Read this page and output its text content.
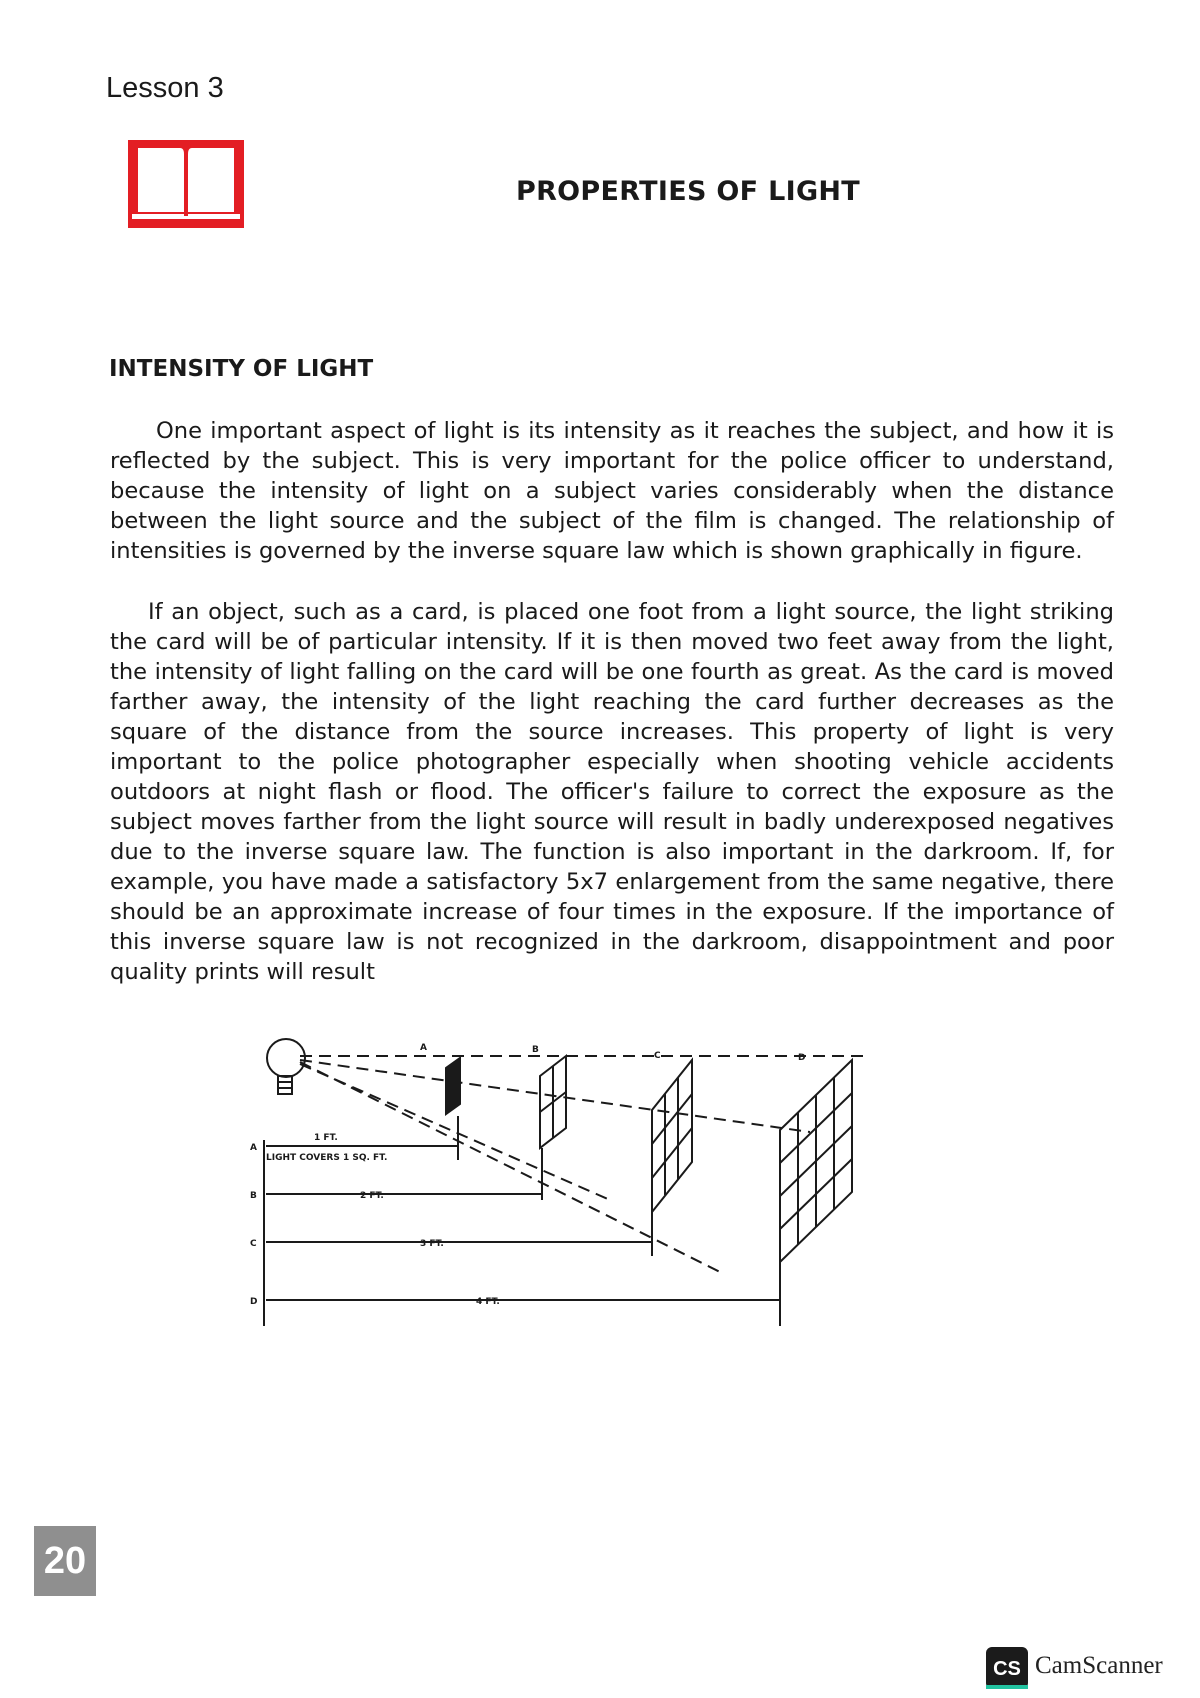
Lesson 3
PROPERTIES OF LIGHT
INTENSITY OF LIGHT

One important aspect of light is its intensity as it reaches the subject, and how it is reflected by the subject. This is very important for the police officer to understand, because the intensity of light on a subject varies considerably when the distance between the light source and the subject of the film is changed. The relationship of intensities is governed by the inverse square law which is shown graphically in figure.

If an object, such as a card, is placed one foot from a light source, the light striking the card will be of particular intensity. If it is then moved two feet away from the light, the intensity of light falling on the card will be one fourth as great. As the card is moved farther away, the intensity of the light reaching the card further decreases as the square of the distance from the source increases. This property of light is very important to the police photographer especially when shooting vehicle accidents outdoors at night flash or flood. The officer's failure to correct the exposure as the subject moves farther from the light source will result in badly underexposed negatives due to the inverse square law. The function is also important in the darkroom. If, for example, you have made a satisfactory 5x7 enlargement from the same negative, there should be an approximate increase of four times in the exposure. If the importance of this inverse square law is not recognized in the darkroom, disappointment and poor quality prints will result

A	B
C	D
A
B
C
D
1 FT.
LIGHT COVERS 1 SQ. FT.
2 FT.
3 FT.
4 FT.
20
CS CamScanner
